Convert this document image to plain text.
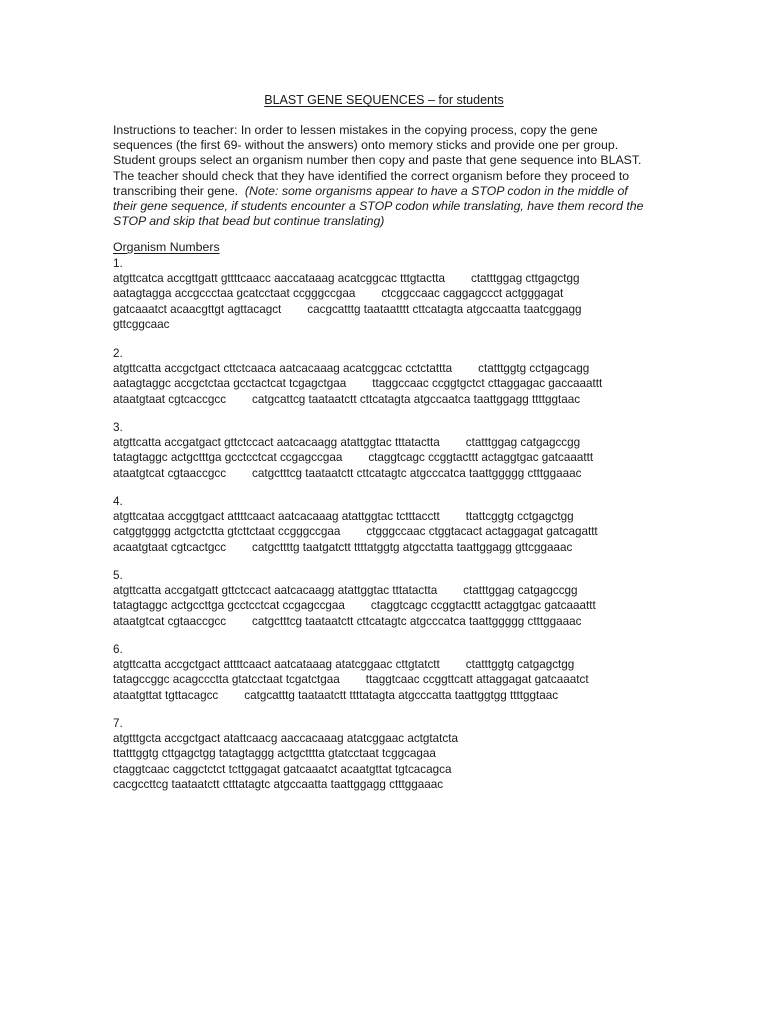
BLAST GENE SEQUENCES – for students
Instructions to teacher: In order to lessen mistakes in the copying process, copy the gene
sequences (the first 69- without the answers) onto memory sticks and provide one per group.
Student groups select an organism number then copy and paste that gene sequence into BLAST.
The teacher should check that they have identified the correct organism before they proceed to
transcribing their gene.  (Note: some organisms appear to have a STOP codon in the middle of
their gene sequence, if students encounter a STOP codon while translating, have them record the
STOP and skip that bead but continue translating)
Organism Numbers
1.
atgttcatca accgttgatt gttttcaacc aaccataaag acatcggcac tttgtactta        ctatttggag cttgagctgg
aatagtagga accgccctaa gcatcctaat ccgggccgaa        ctcggccaac caggagccct actgggagat
gatcaaatct acaacgttgt agttacagct        cacgcatttg taataatttt cttcatagta atgccaatta taatcggagg
gttcggcaac
2.
atgttcatta accgctgact cttctcaaca aatcacaaag acatcggcac cctctattta        ctatttggtg cctgagcagg
aatagtaggc accgctctaa gcctactcat tcgagctgaa        ttaggccaac ccggtgctct cttaggagac gaccaaattt
ataatgtaat cgtcaccgcc        catgcattcg taataatctt cttcatagta atgccaatca taattggagg ttttggtaac
3.
atgttcatta accgatgact gttctccact aatcacaagg atattggtac tttatactta        ctatttggag catgagccgg
tatagtaggc actgctttga gcctcctcat ccgagccgaa        ctaggtcagc ccggtacttt actaggtgac gatcaaattt
ataatgtcat cgtaaccgcc        catgctttcg taataatctt cttcatagtc atgcccatca taattggggg ctttggaaac
4.
atgttcataa accggtgact attttcaact aatcacaaag atattggtac tctttacctt        ttattcggtg cctgagctgg
catggtgggg actgctctta gtcttctaat ccgggccgaa        ctgggccaac ctggtacact actaggagat gatcagattt
acaatgtaat cgtcactgcc        catgcttttg taatgatctt ttttatggtg atgcctatta taattggagg gttcggaaac
5.
atgttcatta accgatgatt gttctccact aatcacaagg atattggtac tttatactta        ctatttggag catgagccgg
tatagtaggc actgccttga gcctcctcat ccgagccgaa        ctaggtcagc ccggtacttt actaggtgac gatcaaattt
ataatgtcat cgtaaccgcc        catgctttcg taataatctt cttcatagtc atgcccatca taattggggg ctttggaaac
6.
atgttcatta accgctgact attttcaact aatcataaag atatcggaac cttgtatctt        ctatttggtg catgagctgg
tatagccggc acagccctta gtatcctaat tcgatctgaa        ttaggtcaac ccggttcatt attaggagat gatcaaatct
ataatgttat tgttacagcc        catgcatttg taataatctt ttttatagta atgcccatta taattggtgg ttttggtaac
7.
atgtttgcta accgctgact atattcaacg aaccacaaag atatcggaac actgtatcta
ttatttggtg cttgagctgg tatagtaggg actgctttta gtatcctaat tcggcagaa
ctaggtcaac caggctctct tcttggagat gatcaaatct acaatgttat tgtcacagca
cacgccttcg taataatctt ctttatagtc atgccaatta taattggagg ctttggaaac
